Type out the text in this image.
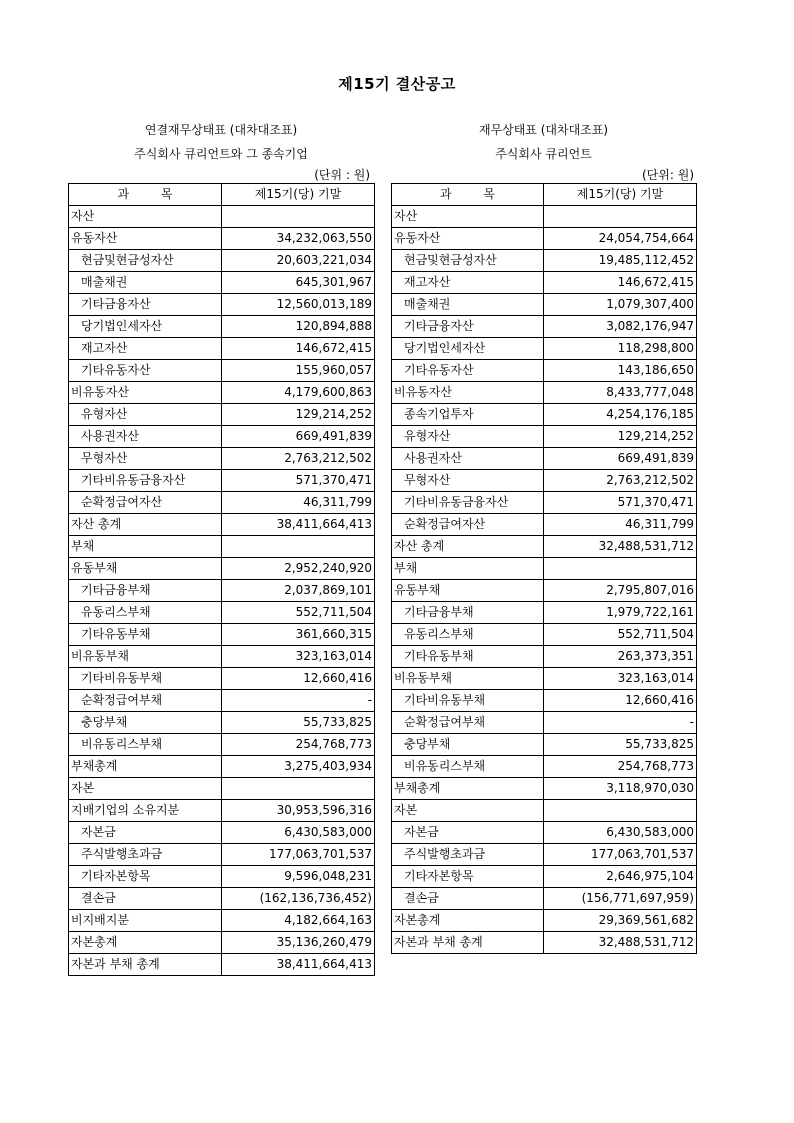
제15기 결산공고
연결재무상태표 (대차대조표)
주식회사 큐리언트와 그 종속기업
(단위 : 원)
재무상태표 (대차대조표)
주식회사 큐리언트
(단위: 원)
과 목	제15기(당) 기말
자산	
유동자산	34,232,063,550
현금및현금성자산	20,603,221,034
매출채권	645,301,967
기타금융자산	12,560,013,189
당기법인세자산	120,894,888
재고자산	146,672,415
기타유동자산	155,960,057
비유동자산	4,179,600,863
유형자산	129,214,252
사용권자산	669,491,839
무형자산	2,763,212,502
기타비유동금융자산	571,370,471
순확정급여자산	46,311,799
자산 총계	38,411,664,413
부채	
유동부채	2,952,240,920
기타금융부채	2,037,869,101
유동리스부채	552,711,504
기타유동부채	361,660,315
비유동부채	323,163,014
기타비유동부채	12,660,416
순확정급여부채	-
충당부채	55,733,825
비유동리스부채	254,768,773
부채총계	3,275,403,934
자본	
지배기업의 소유지분	30,953,596,316
자본금	6,430,583,000
주식발행초과금	177,063,701,537
기타자본항목	9,596,048,231
결손금	(162,136,736,452)
비지배지분	4,182,664,163
자본총계	35,136,260,479
자본과 부채 총계	38,411,664,413
과 목	제15기(당) 기말
자산	
유동자산	24,054,754,664
현금및현금성자산	19,485,112,452
재고자산	146,672,415
매출채권	1,079,307,400
기타금융자산	3,082,176,947
당기법인세자산	118,298,800
기타유동자산	143,186,650
비유동자산	8,433,777,048
종속기업투자	4,254,176,185
유형자산	129,214,252
사용권자산	669,491,839
무형자산	2,763,212,502
기타비유동금융자산	571,370,471
순확정급여자산	46,311,799
자산 총계	32,488,531,712
부채	
유동부채	2,795,807,016
기타금융부채	1,979,722,161
유동리스부채	552,711,504
기타유동부채	263,373,351
비유동부채	323,163,014
기타비유동부채	12,660,416
순확정급여부채	-
충당부채	55,733,825
비유동리스부채	254,768,773
부채총계	3,118,970,030
자본	
자본금	6,430,583,000
주식발행초과금	177,063,701,537
기타자본항목	2,646,975,104
결손금	(156,771,697,959)
자본총계	29,369,561,682
자본과 부채 총계	32,488,531,712
